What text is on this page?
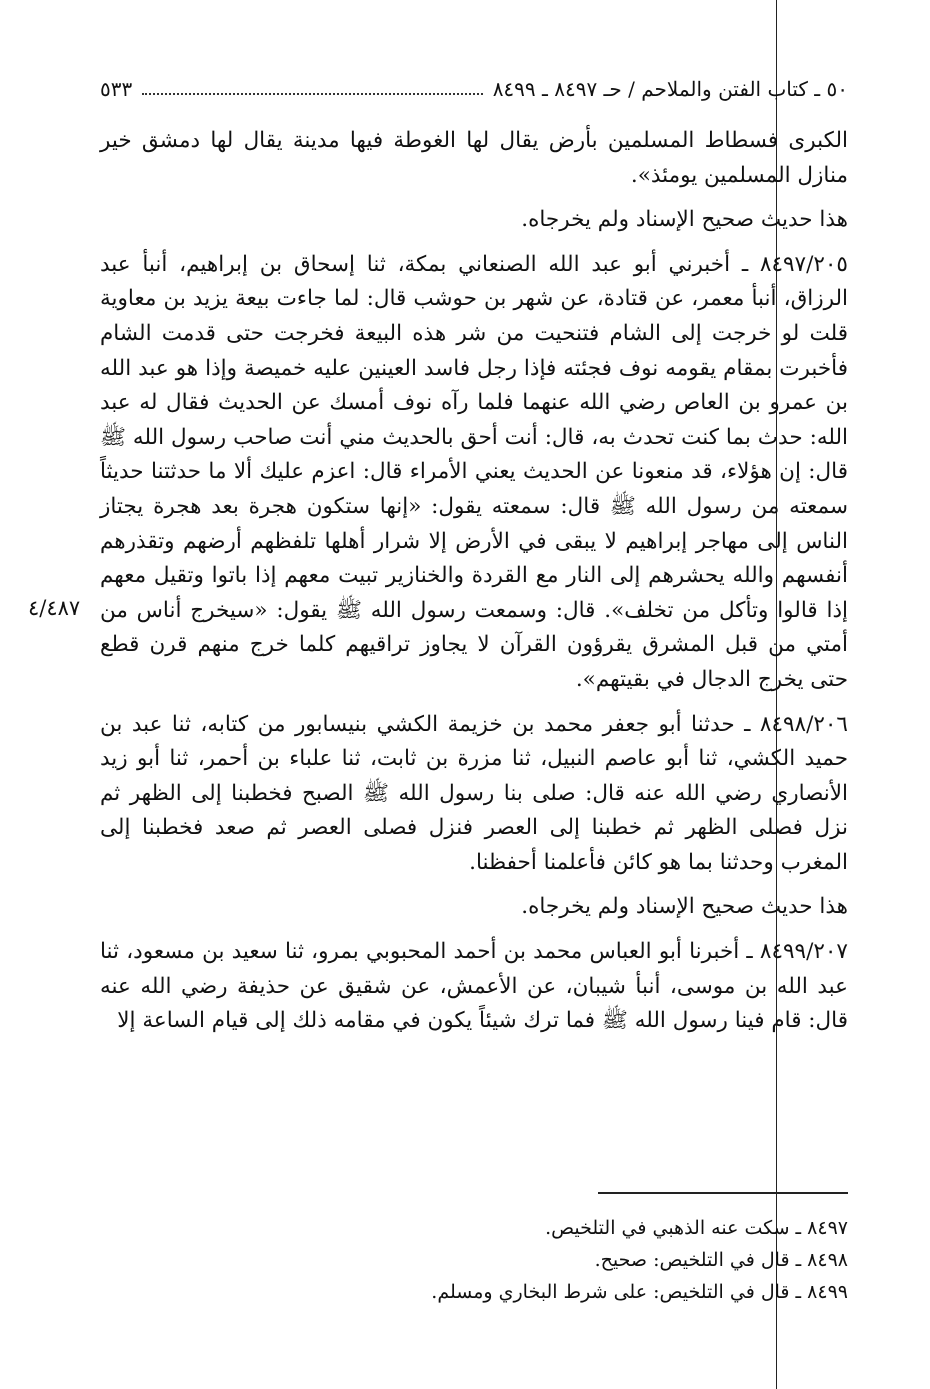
٥٠ ـ كتاب الفتن والملاحم / حـ ٨٤٩٧ ـ ٨٤٩٩
٥٣٣

الكبرى فسطاط المسلمين بأرض يقال لها الغوطة فيها مدينة يقال لها دمشق خير منازل المسلمين يومئذ».

هذا حديث صحيح الإسناد ولم يخرجاه.

٨٤٩٧/٢٠٥ ـ أخبرني أبو عبد الله الصنعاني بمكة، ثنا إسحاق بن إبراهيم، أنبأ عبد الرزاق، أنبأ معمر، عن قتادة، عن شهر بن حوشب قال: لما جاءت بيعة يزيد بن معاوية قلت لو خرجت إلى الشام فتنحيت من شر هذه البيعة فخرجت حتى قدمت الشام فأخبرت بمقام يقومه نوف فجئته فإذا رجل فاسد العينين عليه خميصة وإذا هو عبد الله بن عمرو بن العاص رضي الله عنهما فلما رآه نوف أمسك عن الحديث فقال له عبد الله: حدث بما كنت تحدث به، قال: أنت أحق بالحديث مني أنت صاحب رسول الله ﷺ قال: إن هؤلاء، قد منعونا عن الحديث يعني الأمراء قال: اعزم عليك ألا ما حدثتنا حديثاً سمعته من رسول الله ﷺ قال: سمعته يقول: «إنها ستكون هجرة بعد هجرة يجتاز الناس إلى مهاجر إبراهيم لا يبقى في الأرض إلا شرار أهلها تلفظهم أرضهم وتقذرهم أنفسهم والله يحشرهم إلى النار مع القردة والخنازير تبيت معهم إذا باتوا وتقيل معهم إذا قالوا وتأكل من تخلف». قال: وسمعت رسول الله ﷺ يقول: «سيخرج أناس من أمتي من قبل المشرق يقرؤون القرآن لا يجاوز تراقيهم كلما خرج منهم قرن قطع حتى يخرج الدجال في بقيتهم».

٨٤٩٨/٢٠٦ ـ حدثنا أبو جعفر محمد بن خزيمة الكشي بنيسابور من كتابه، ثنا عبد بن حميد الكشي، ثنا أبو عاصم النبيل، ثنا مزرة بن ثابت، ثنا علباء بن أحمر، ثنا أبو زيد الأنصاري رضي الله عنه قال: صلى بنا رسول الله ﷺ الصبح فخطبنا إلى الظهر ثم نزل فصلى الظهر ثم خطبنا إلى العصر فنزل فصلى العصر ثم صعد فخطبنا إلى المغرب وحدثنا بما هو كائن فأعلمنا أحفظنا.

هذا حديث صحيح الإسناد ولم يخرجاه.

٨٤٩٩/٢٠٧ ـ أخبرنا أبو العباس محمد بن أحمد المحبوبي بمرو، ثنا سعيد بن مسعود، ثنا عبد الله بن موسى، أنبأ شيبان، عن الأعمش، عن شقيق عن حذيفة رضي الله عنه قال: قام فينا رسول الله ﷺ فما ترك شيئاً يكون في مقامه ذلك إلى قيام الساعة إلا

٤/٤٨٧

٨٤٩٧ ـ سكت عنه الذهبي في التلخيص.

٨٤٩٨ ـ قال في التلخيص: صحيح.

٨٤٩٩ ـ قال في التلخيص: على شرط البخاري ومسلم.
